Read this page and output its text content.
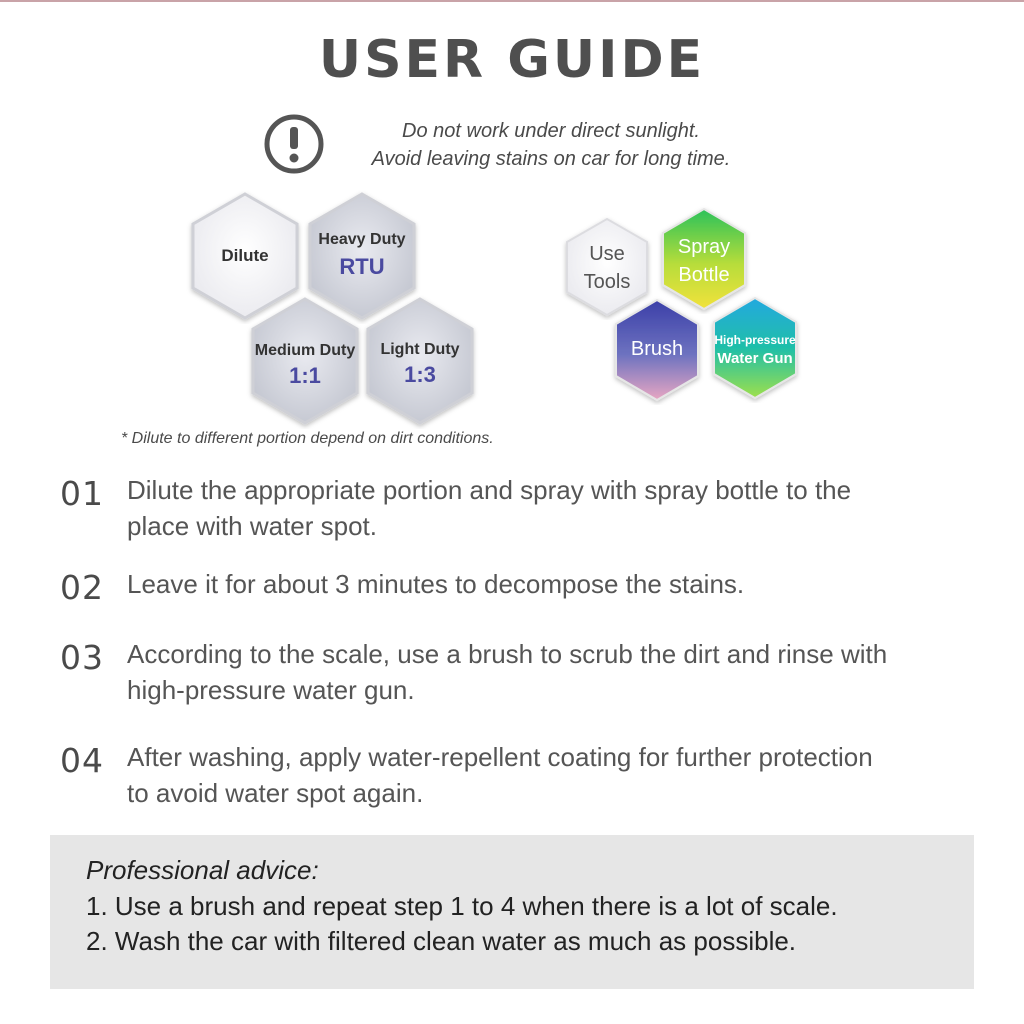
USER GUIDE
Do not work under direct sunlight.
Avoid leaving stains on car for long time.
Dilute
Heavy Duty
RTU
Medium Duty
1:1
Light Duty
1:3
Use
Tools
Spray
Bottle
Brush	High-pressure
Water Gun
* Dilute to different portion depend on dirt conditions.
01 Dilute the appropriate portion and spray with spray bottle to the
place with water spot.
02 Leave it for about 3 minutes to decompose the stains.
03 According to the scale, use a brush to scrub the dirt and rinse with
high-pressure water gun.
04 After washing, apply water-repellent coating for further protection
to avoid water spot again.
Professional advice:
1. Use a brush and repeat step 1 to 4 when there is a lot of scale.
2. Wash the car with filtered clean water as much as possible.
